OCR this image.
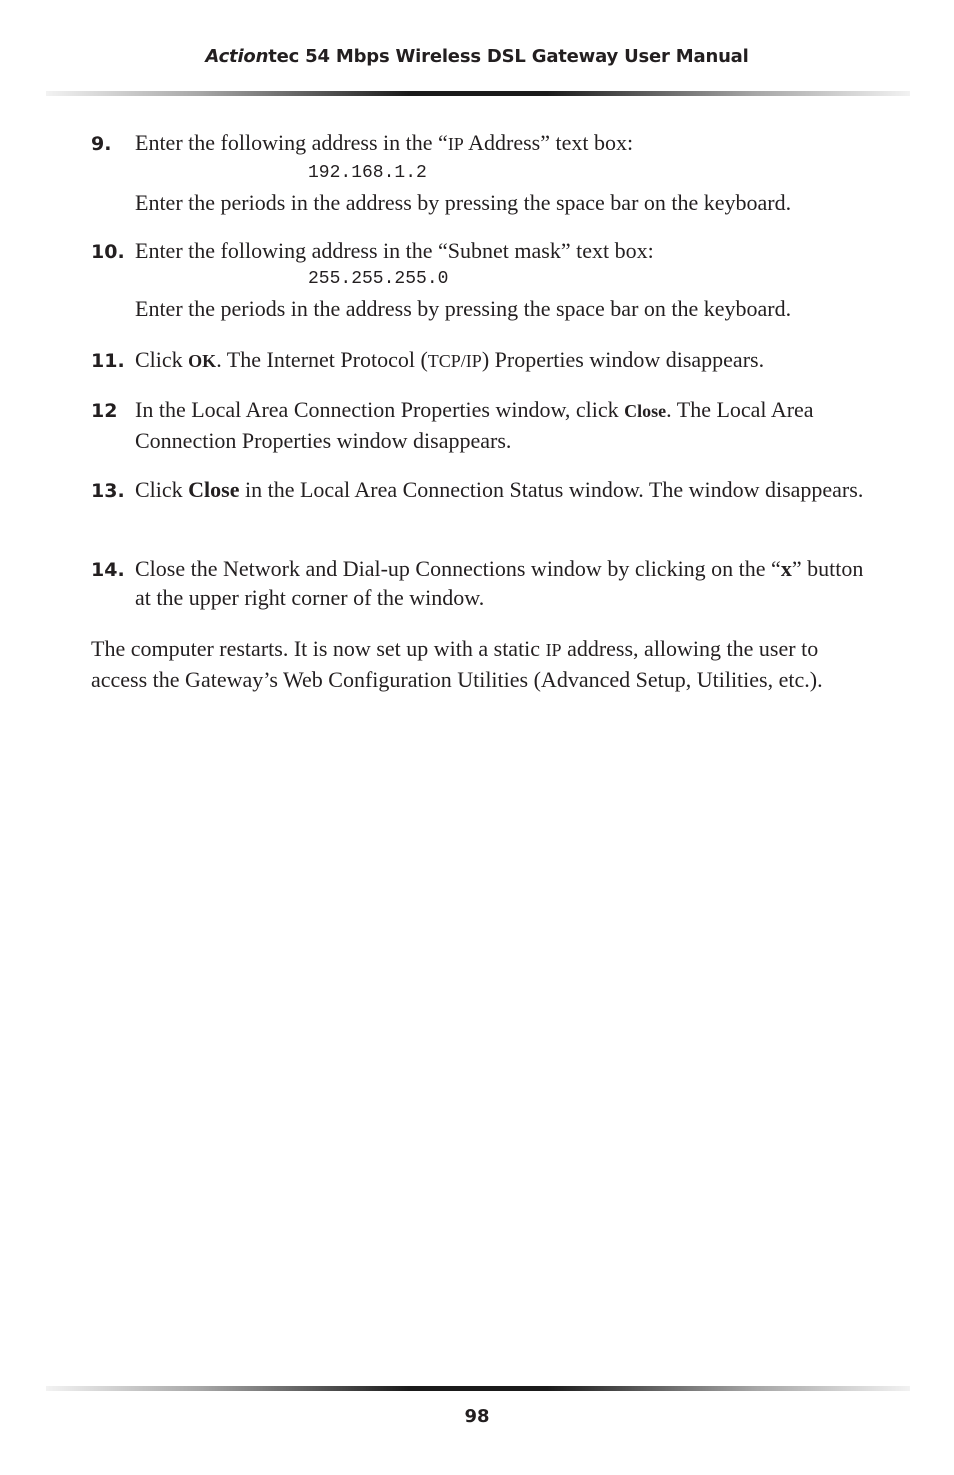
Actiontec 54 Mbps Wireless DSL Gateway User Manual
9. Enter the following address in the “IP Address” text box:
192.168.1.2
Enter the periods in the address by pressing the space bar on the keyboard.
10. Enter the following address in the “Subnet mask” text box:
255.255.255.0
Enter the periods in the address by pressing the space bar on the keyboard.
11. Click OK. The Internet Protocol (TCP/IP) Properties window disappears.
12 In the Local Area Connection Properties window, click Close. The Local Area Connection Properties window disappears.
13. Click Close in the Local Area Connection Status window. The window disappears.
14. Close the Network and Dial-up Connections window by clicking on the “x” button at the upper right corner of the window.
The computer restarts. It is now set up with a static IP address, allowing the user to access the Gateway’s Web Configuration Utilities (Advanced Setup, Utilities, etc.).
98
